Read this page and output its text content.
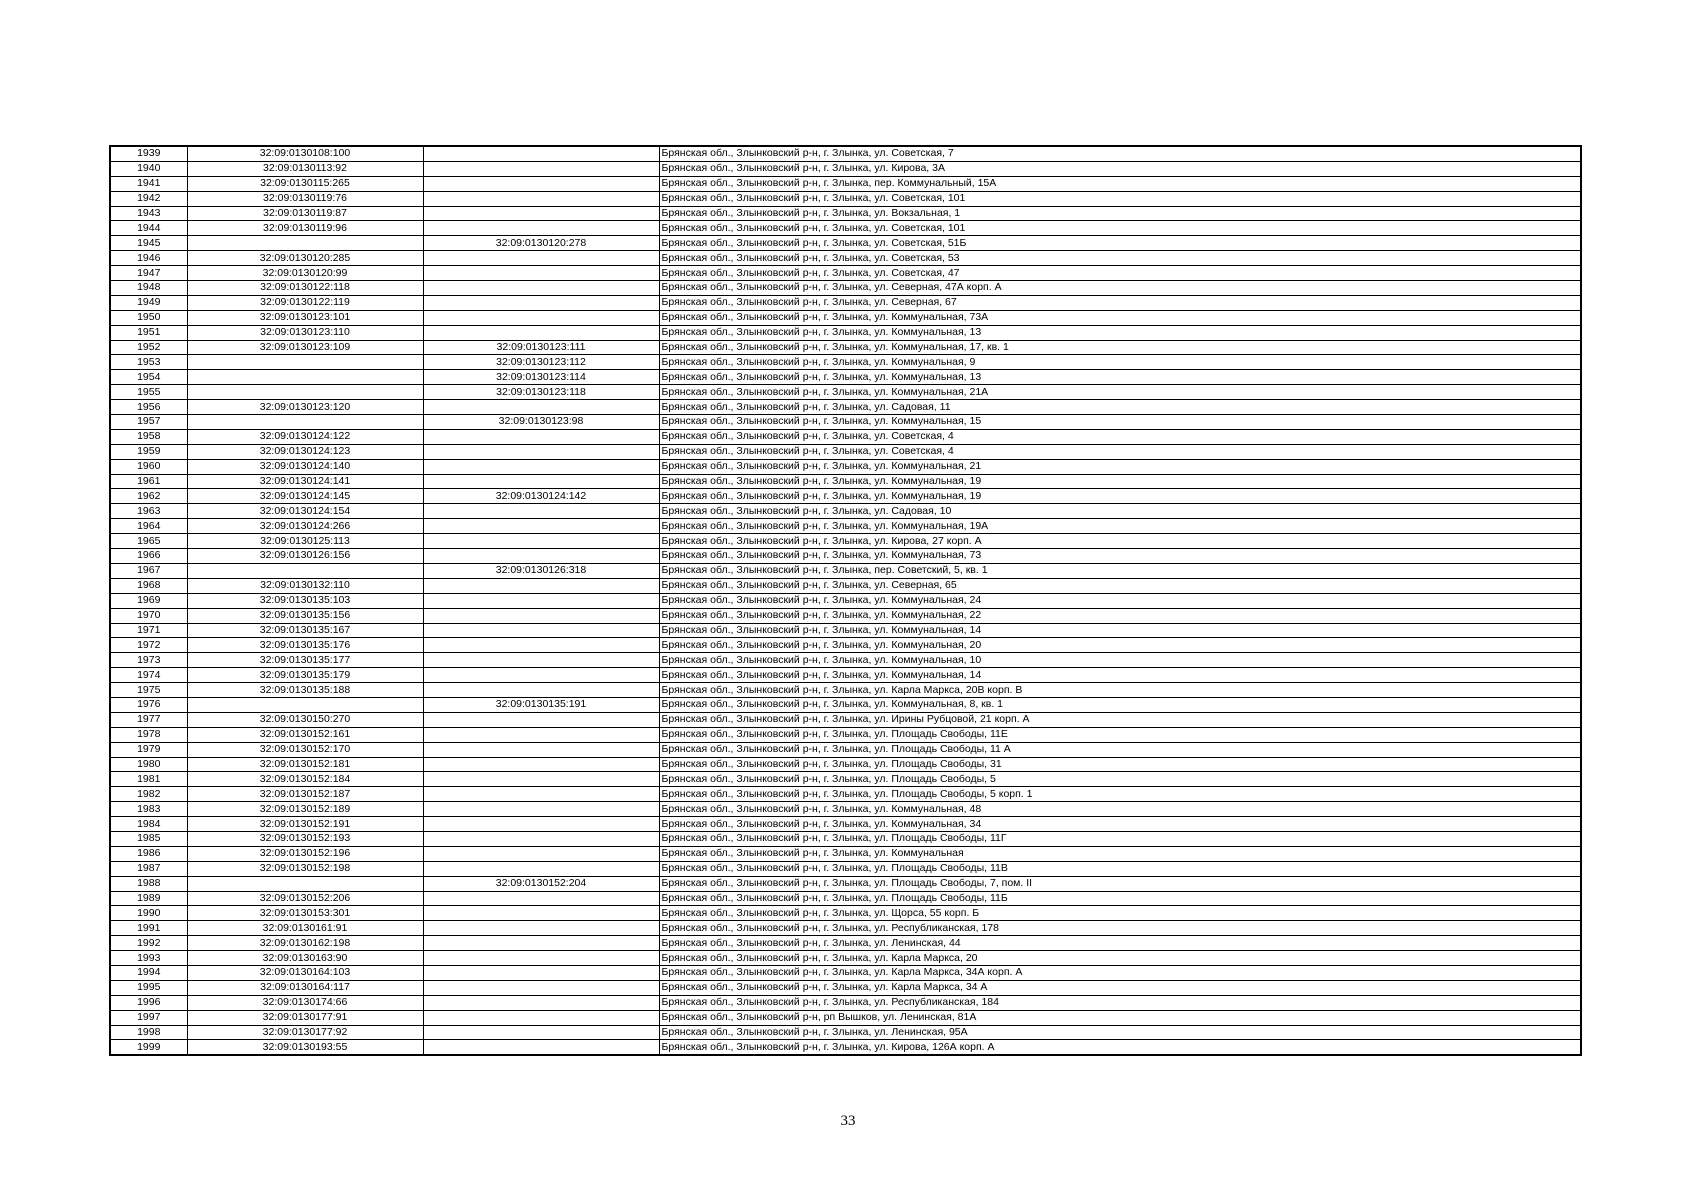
1939	32:09:0130108:100		Брянская обл., Злынковский р-н, г. Злынка, ул. Советская, 7
1940	32:09:0130113:92		Брянская обл., Злынковский р-н, г. Злынка, ул. Кирова, 3А
1941	32:09:0130115:265		Брянская обл., Злынковский р-н, г. Злынка, пер. Коммунальный, 15А
1942	32:09:0130119:76		Брянская обл., Злынковский р-н, г. Злынка, ул. Советская, 101
1943	32:09:0130119:87		Брянская обл., Злынковский р-н, г. Злынка, ул. Вокзальная, 1
1944	32:09:0130119:96		Брянская обл., Злынковский р-н, г. Злынка, ул. Советская, 101
1945		32:09:0130120:278	Брянская обл., Злынковский р-н, г. Злынка, ул. Советская, 51Б
1946	32:09:0130120:285		Брянская обл., Злынковский р-н, г. Злынка, ул. Советская, 53
1947	32:09:0130120:99		Брянская обл., Злынковский р-н, г. Злынка, ул. Советская, 47
1948	32:09:0130122:118		Брянская обл., Злынковский р-н, г. Злынка, ул. Северная, 47А корп. А
1949	32:09:0130122:119		Брянская обл., Злынковский р-н, г. Злынка, ул. Северная, 67
1950	32:09:0130123:101		Брянская обл., Злынковский р-н, г. Злынка, ул. Коммунальная, 73А
1951	32:09:0130123:110		Брянская обл., Злынковский р-н, г. Злынка, ул. Коммунальная, 13
1952	32:09:0130123:109	32:09:0130123:111	Брянская обл., Злынковский р-н, г. Злынка, ул. Коммунальная, 17, кв. 1
1953		32:09:0130123:112	Брянская обл., Злынковский р-н, г. Злынка, ул. Коммунальная, 9
1954		32:09:0130123:114	Брянская обл., Злынковский р-н, г. Злынка, ул. Коммунальная, 13
1955		32:09:0130123:118	Брянская обл., Злынковский р-н, г. Злынка, ул. Коммунальная, 21А
1956	32:09:0130123:120		Брянская обл., Злынковский р-н, г. Злынка, ул. Садовая, 11
1957		32:09:0130123:98	Брянская обл., Злынковский р-н, г. Злынка, ул. Коммунальная, 15
1958	32:09:0130124:122		Брянская обл., Злынковский р-н, г. Злынка, ул. Советская, 4
1959	32:09:0130124:123		Брянская обл., Злынковский р-н, г. Злынка, ул. Советская, 4
1960	32:09:0130124:140		Брянская обл., Злынковский р-н, г. Злынка, ул. Коммунальная, 21
1961	32:09:0130124:141		Брянская обл., Злынковский р-н, г. Злынка, ул. Коммунальная, 19
1962	32:09:0130124:145	32:09:0130124:142	Брянская обл., Злынковский р-н, г. Злынка, ул. Коммунальная, 19
1963	32:09:0130124:154		Брянская обл., Злынковский р-н, г. Злынка, ул. Садовая, 10
1964	32:09:0130124:266		Брянская обл., Злынковский р-н, г. Злынка, ул. Коммунальная, 19А
1965	32:09:0130125:113		Брянская обл., Злынковский р-н, г. Злынка, ул. Кирова, 27 корп. А
1966	32:09:0130126:156		Брянская обл., Злынковский р-н, г. Злынка, ул. Коммунальная, 73
1967		32:09:0130126:318	Брянская обл., Злынковский р-н, г. Злынка, пер. Советский, 5, кв. 1
1968	32:09:0130132:110		Брянская обл., Злынковский р-н, г. Злынка, ул. Северная, 65
1969	32:09:0130135:103		Брянская обл., Злынковский р-н, г. Злынка, ул. Коммунальная, 24
1970	32:09:0130135:156		Брянская обл., Злынковский р-н, г. Злынка, ул. Коммунальная, 22
1971	32:09:0130135:167		Брянская обл., Злынковский р-н, г. Злынка, ул. Коммунальная, 14
1972	32:09:0130135:176		Брянская обл., Злынковский р-н, г. Злынка, ул. Коммунальная, 20
1973	32:09:0130135:177		Брянская обл., Злынковский р-н, г. Злынка, ул. Коммунальная, 10
1974	32:09:0130135:179		Брянская обл., Злынковский р-н, г. Злынка, ул. Коммунальная, 14
1975	32:09:0130135:188		Брянская обл., Злынковский р-н, г. Злынка, ул. Карла Маркса, 20В корп. В
1976		32:09:0130135:191	Брянская обл., Злынковский р-н, г. Злынка, ул. Коммунальная, 8, кв. 1
1977	32:09:0130150:270		Брянская обл., Злынковский р-н, г. Злынка, ул. Ирины Рубцовой, 21 корп. А
1978	32:09:0130152:161		Брянская обл., Злынковский р-н, г. Злынка, ул. Площадь Свободы, 11Е
1979	32:09:0130152:170		Брянская обл., Злынковский р-н, г. Злынка, ул. Площадь Свободы, 11 А
1980	32:09:0130152:181		Брянская обл., Злынковский р-н, г. Злынка, ул. Площадь Свободы, 31
1981	32:09:0130152:184		Брянская обл., Злынковский р-н, г. Злынка, ул. Площадь Свободы, 5
1982	32:09:0130152:187		Брянская обл., Злынковский р-н, г. Злынка, ул. Площадь Свободы, 5 корп. 1
1983	32:09:0130152:189		Брянская обл., Злынковский р-н, г. Злынка, ул. Коммунальная, 48
1984	32:09:0130152:191		Брянская обл., Злынковский р-н, г. Злынка, ул. Коммунальная, 34
1985	32:09:0130152:193		Брянская обл., Злынковский р-н, г. Злынка, ул. Площадь Свободы, 11Г
1986	32:09:0130152:196		Брянская обл., Злынковский р-н, г. Злынка, ул. Коммунальная
1987	32:09:0130152:198		Брянская обл., Злынковский р-н, г. Злынка, ул. Площадь Свободы, 11В
1988		32:09:0130152:204	Брянская обл., Злынковский р-н, г. Злынка, ул. Площадь Свободы, 7, пом. II
1989	32:09:0130152:206		Брянская обл., Злынковский р-н, г. Злынка, ул. Площадь Свободы, 11Б
1990	32:09:0130153:301		Брянская обл., Злынковский р-н, г. Злынка, ул. Щорса, 55 корп. Б
1991	32:09:0130161:91		Брянская обл., Злынковский р-н, г. Злынка, ул. Республиканская, 178
1992	32:09:0130162:198		Брянская обл., Злынковский р-н, г. Злынка, ул. Ленинская, 44
1993	32:09:0130163:90		Брянская обл., Злынковский р-н, г. Злынка, ул. Карла Маркса, 20
1994	32:09:0130164:103		Брянская обл., Злынковский р-н, г. Злынка, ул. Карла Маркса, 34А корп. А
1995	32:09:0130164:117		Брянская обл., Злынковский р-н, г. Злынка, ул. Карла Маркса, 34 А
1996	32:09:0130174:66		Брянская обл., Злынковский р-н, г. Злынка, ул. Республиканская, 184
1997	32:09:0130177:91		Брянская обл., Злынковский р-н, рп Вышков, ул. Ленинская, 81А
1998	32:09:0130177:92		Брянская обл., Злынковский р-н, г. Злынка, ул. Ленинская, 95А
1999	32:09:0130193:55		Брянская обл., Злынковский р-н, г. Злынка, ул. Кирова, 126А корп. А
33
